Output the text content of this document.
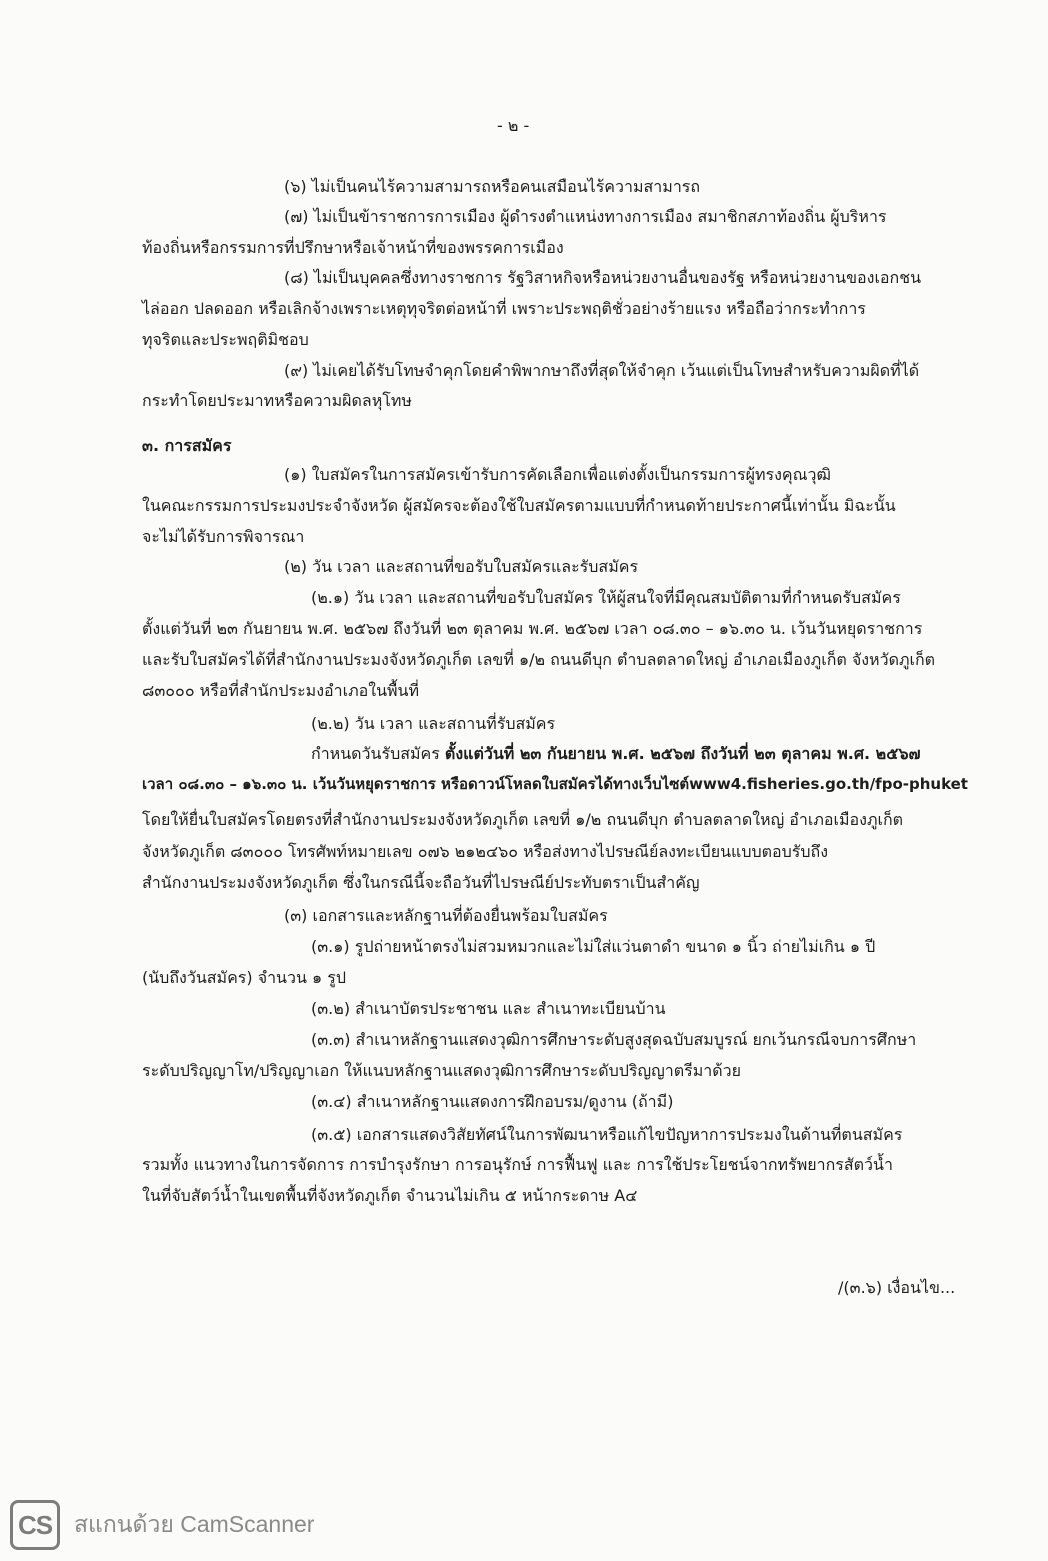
- ๒ -
(๖) ไม่เป็นคนไร้ความสามารถหรือคนเสมือนไร้ความสามารถ
(๗) ไม่เป็นข้าราชการการเมือง ผู้ดำรงตำแหน่งทางการเมือง สมาชิกสภาท้องถิ่น ผู้บริหาร
ท้องถิ่นหรือกรรมการที่ปรึกษาหรือเจ้าหน้าที่ของพรรคการเมือง
(๘) ไม่เป็นบุคคลซึ่งทางราชการ รัฐวิสาหกิจหรือหน่วยงานอื่นของรัฐ หรือหน่วยงานของเอกชน
ไล่ออก ปลดออก หรือเลิกจ้างเพราะเหตุทุจริตต่อหน้าที่ เพราะประพฤติชั่วอย่างร้ายแรง หรือถือว่ากระทำการ
ทุจริตและประพฤติมิชอบ
(๙) ไม่เคยได้รับโทษจำคุกโดยคำพิพากษาถึงที่สุดให้จำคุก เว้นแต่เป็นโทษสำหรับความผิดที่ได้
กระทำโดยประมาทหรือความผิดลหุโทษ
๓. การสมัคร
(๑) ใบสมัครในการสมัครเข้ารับการคัดเลือกเพื่อแต่งตั้งเป็นกรรมการผู้ทรงคุณวุฒิ
ในคณะกรรมการประมงประจำจังหวัด ผู้สมัครจะต้องใช้ใบสมัครตามแบบที่กำหนดท้ายประกาศนี้เท่านั้น มิฉะนั้น
จะไม่ได้รับการพิจารณา
(๒) วัน เวลา และสถานที่ขอรับใบสมัครและรับสมัคร
(๒.๑) วัน เวลา และสถานที่ขอรับใบสมัคร ให้ผู้สนใจที่มีคุณสมบัติตามที่กำหนดรับสมัคร
ตั้งแต่วันที่ ๒๓ กันยายน พ.ศ. ๒๕๖๗ ถึงวันที่ ๒๓ ตุลาคม พ.ศ. ๒๕๖๗ เวลา ๐๘.๓๐ – ๑๖.๓๐ น. เว้นวันหยุดราชการ
และรับใบสมัครได้ที่สำนักงานประมงจังหวัดภูเก็ต เลขที่ ๑/๒ ถนนดีบุก ตำบลตลาดใหญ่ อำเภอเมืองภูเก็ต จังหวัดภูเก็ต
๘๓๐๐๐ หรือที่สำนักประมงอำเภอในพื้นที่
(๒.๒) วัน เวลา และสถานที่รับสมัคร
กำหนดวันรับสมัคร ตั้งแต่วันที่ ๒๓ กันยายน พ.ศ. ๒๕๖๗ ถึงวันที่ ๒๓ ตุลาคม พ.ศ. ๒๕๖๗
เวลา ๐๘.๓๐ – ๑๖.๓๐ น. เว้นวันหยุดราชการ หรือดาวน์โหลดใบสมัครได้ทางเว็บไซต์www4.fisheries.go.th/fpo-phuket
โดยให้ยื่นใบสมัครโดยตรงที่สำนักงานประมงจังหวัดภูเก็ต เลขที่ ๑/๒ ถนนดีบุก ตำบลตลาดใหญ่ อำเภอเมืองภูเก็ต
จังหวัดภูเก็ต ๘๓๐๐๐ โทรศัพท์หมายเลข ๐๗๖ ๒๑๒๔๖๐ หรือส่งทางไปรษณีย์ลงทะเบียนแบบตอบรับถึง
สำนักงานประมงจังหวัดภูเก็ต ซึ่งในกรณีนี้จะถือวันที่ไปรษณีย์ประทับตราเป็นสำคัญ
(๓) เอกสารและหลักฐานที่ต้องยื่นพร้อมใบสมัคร
(๓.๑) รูปถ่ายหน้าตรงไม่สวมหมวกและไม่ใส่แว่นตาดำ ขนาด ๑ นิ้ว ถ่ายไม่เกิน ๑ ปี
(นับถึงวันสมัคร) จำนวน ๑ รูป
(๓.๒) สำเนาบัตรประชาชน และ สำเนาทะเบียนบ้าน
(๓.๓) สำเนาหลักฐานแสดงวุฒิการศึกษาระดับสูงสุดฉบับสมบูรณ์ ยกเว้นกรณีจบการศึกษา
ระดับปริญญาโท/ปริญญาเอก ให้แนบหลักฐานแสดงวุฒิการศึกษาระดับปริญญาตรีมาด้วย
(๓.๔) สำเนาหลักฐานแสดงการฝึกอบรม/ดูงาน (ถ้ามี)
(๓.๕) เอกสารแสดงวิสัยทัศน์ในการพัฒนาหรือแก้ไขปัญหาการประมงในด้านที่ตนสมัคร
รวมทั้ง แนวทางในการจัดการ การบำรุงรักษา การอนุรักษ์ การฟื้นฟู และ การใช้ประโยชน์จากทรัพยากรสัตว์น้ำ
ในที่จับสัตว์น้ำในเขตพื้นที่จังหวัดภูเก็ต จำนวนไม่เกิน ๕ หน้ากระดาษ A๔
/(๓.๖) เงื่อนไข...
CS สแกนด้วย CamScanner
